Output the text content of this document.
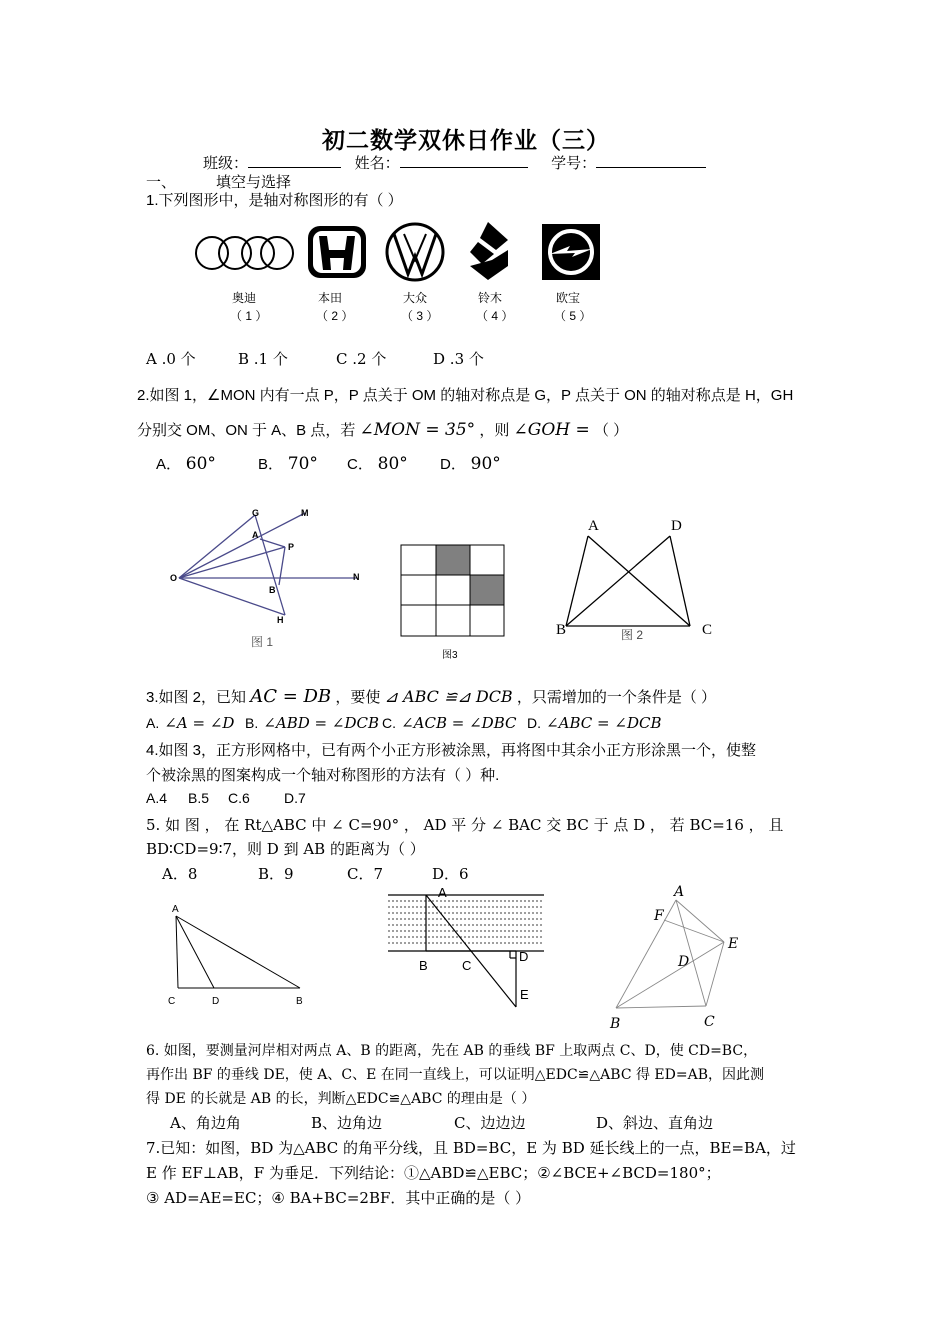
初二数学双休日作业（三）
班级：	姓名：	学号：
一、	填空与选择
1.下列图形中，是轴对称图形的有（ ）
奥迪	本田	大众	铃木	欧宝
（ 1 ）	（ 2 ）	（ 3 ）	（ 4 ）	（ 5 ）
A .0 个	B .1 个	C .2 个	D .3 个
2.如图 1，∠MON 内有一点 P，P 点关于 OM 的轴对称点是 G，P 点关于 ON 的轴对称点是 H，GH
分别交 OM、ON 于 A、B 点，若 ∠MON = 35° ，则 ∠GOH = （ ）
A． 60°	B． 70° C． 80° D． 90°
G	M
A
P
O	N
B
H
图 1
图3
A	D
B	C
图 2
3.如图 2，已知 AC = DB ，要使 ⊿ ABC ≌⊿ DCB ，只需增加的一个条件是（ ）
A. ∠A = ∠D B. ∠ABD = ∠DCB C. ∠ACB = ∠DBC D. ∠ABC = ∠DCB
4.如图 3，正方形网格中，已有两个小正方形被涂黑，再将图中其余小正方形涂黑一个，使整
个被涂黑的图案构成一个轴对称图形的方法有（ ）种.
A.4 B.5 C.6 D.7
5. 如 图 ， 在 Rt△ABC 中 ∠ C=90° ， AD 平 分 ∠ BAC 交 BC 于 点 D ， 若 BC=16 ， 且
BD∶CD=9∶7，则 D 到 AB 的距离为（ ）
A．8	B．9	C．7	D．6
A
C	D	B
A
B	C
D
E
A
F
E
D
B	C
6. 如图，要测量河岸相对两点 A、B 的距离，先在 AB 的垂线 BF 上取两点 C、D，使 CD=BC，
再作出 BF 的垂线 DE，使 A、C、E 在同一直线上，可以证明△EDC≌△ABC 得 ED=AB，因此测
得 DE 的长就是 AB 的长，判断△EDC≌△ABC 的理由是（ ）
A、角边角	B、边角边	C、边边边	D、斜边、直角边
7.已知：如图，BD 为△ABC 的角平分线，且 BD=BC，E 为 BD 延长线上的一点，BE=BA，过
E 作 EF⊥AB，F 为垂足．下列结论：①△ABD≌△EBC；②∠BCE+∠BCD=180°；
③ AD=AE=EC；④ BA+BC=2BF．其中正确的是（ ）
